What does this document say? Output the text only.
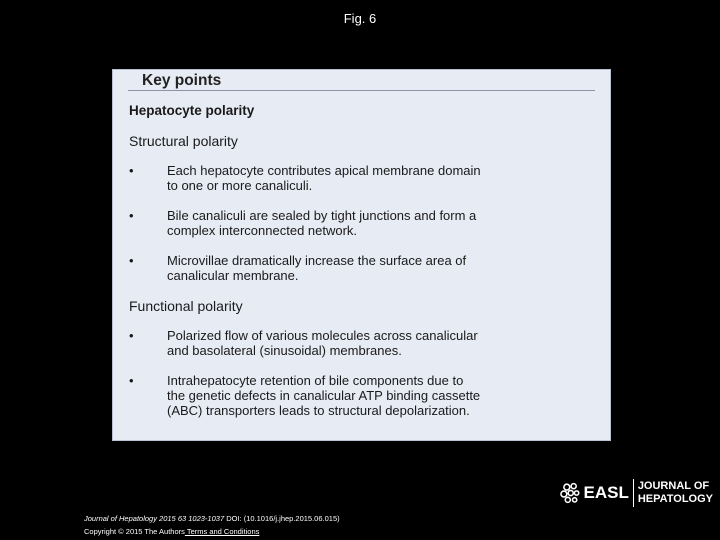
Fig. 6
Key points
Hepatocyte polarity
Structural polarity
•	Each hepatocyte contributes apical membrane domain
to one or more canaliculi.
•	Bile canaliculi are sealed by tight junctions and form a
complex interconnected network.
•	Microvillae dramatically increase the surface area of
canalicular membrane.
Functional polarity
•	Polarized flow of various molecules across canalicular
and basolateral (sinusoidal) membranes.
•	Intrahepatocyte retention of bile components due to
the genetic defects in canalicular ATP binding cassette
(ABC) transporters leads to structural depolarization.
EASL JOURNAL OF
HEPATOLOGY
Journal of Hepatology 2015 63 1023-1037 DOI: (10.1016/j.jhep.2015.06.015)
Copyright © 2015 The Authors Terms and Conditions
